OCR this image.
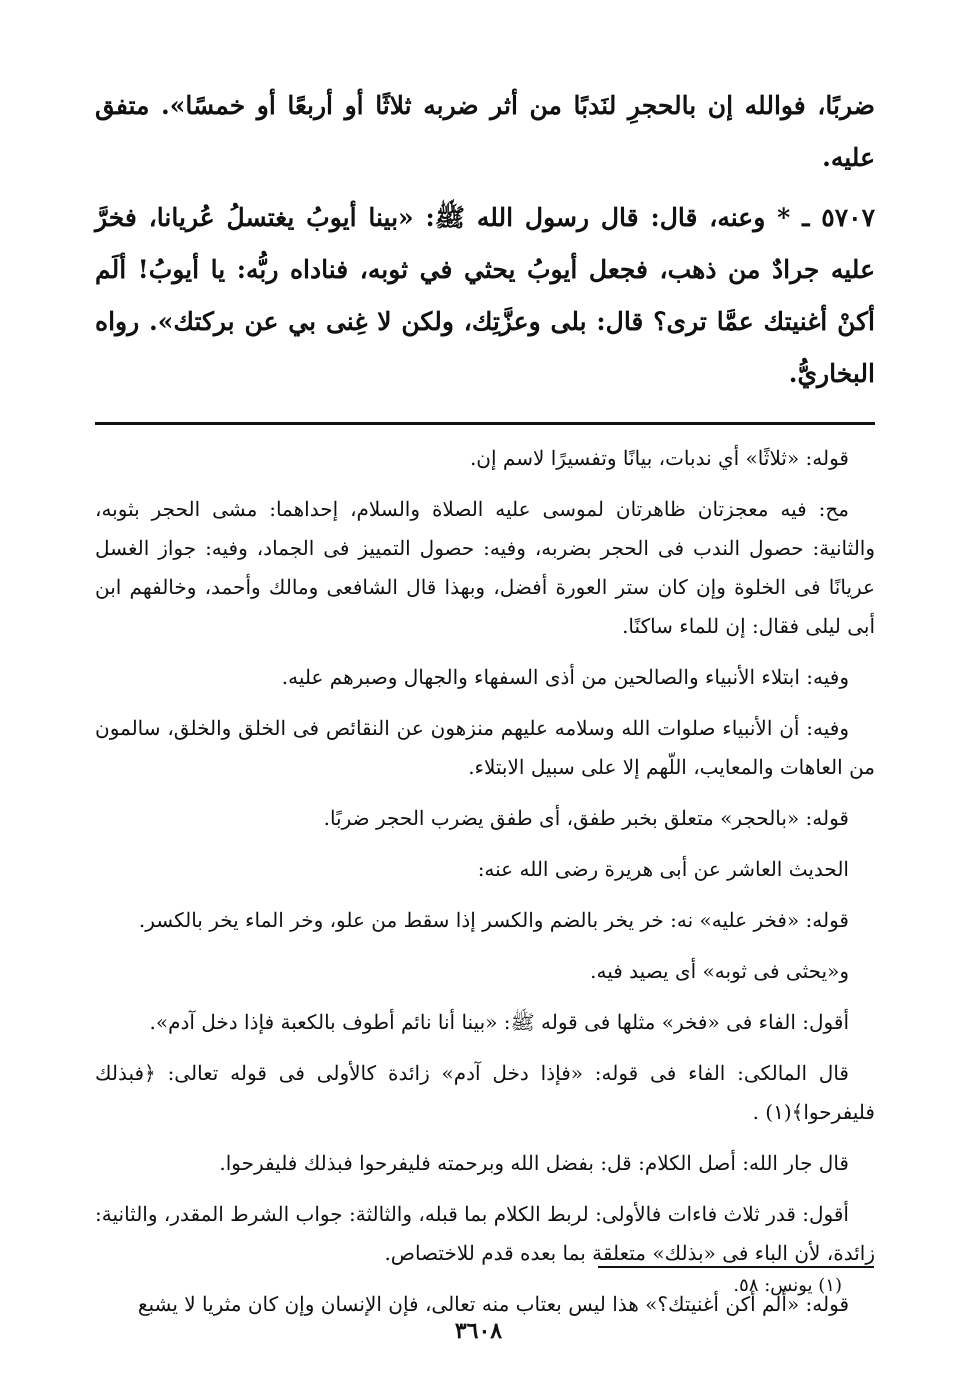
ضربًا، فوالله إن بالحجرِ لنَدبًا من أثر ضربه ثلاثًا أو أربعًا أو خمسًا». متفق عليه.

٥٧٠٧ ـ * وعنه، قال: قال رسول الله ﷺ: «بينا أيوبُ يغتسلُ عُريانا، فخرَّ عليه جرادٌ من ذهب، فجعل أيوبُ يحثي في ثوبه، فناداه ربُّه: يا أيوبُ! ألَم أكنْ أغنيتك عمَّا ترى؟ قال: بلى وعزَّتِك، ولكن لا غِنى بي عن بركتك». رواه البخاريُّ.

قوله: «ثلاثًا» أي ندبات، بيانًا وتفسيرًا لاسم إن.

مح: فيه معجزتان ظاهرتان لموسى عليه الصلاة والسلام، إحداهما: مشى الحجر بثوبه، والثانية: حصول الندب فى الحجر بضربه، وفيه: حصول التمييز فى الجماد، وفيه: جواز الغسل عريانًا فى الخلوة وإن كان ستر العورة أفضل، وبهذا قال الشافعى ومالك وأحمد، وخالفهم ابن أبى ليلى فقال: إن للماء ساكنًا.

وفيه: ابتلاء الأنبياء والصالحين من أذى السفهاء والجهال وصبرهم عليه.

وفيه: أن الأنبياء صلوات الله وسلامه عليهم منزهون عن النقائص فى الخلق والخلق، سالمون من العاهات والمعايب، اللّهم إلا على سبيل الابتلاء.

قوله: «بالحجر» متعلق بخبر طفق، أى طفق يضرب الحجر ضربًا.

الحديث العاشر عن أبى هريرة رضى الله عنه:

قوله: «فخر عليه» نه: خر يخر بالضم والكسر إذا سقط من علو، وخر الماء يخر بالكسر.

و«يحثى فى ثوبه» أى يصيد فيه.

أقول: الفاء فى «فخر» مثلها فى قوله ﷺ: «بينا أنا نائم أطوف بالكعبة فإذا دخل آدم».

قال المالكى: الفاء فى قوله: «فإذا دخل آدم» زائدة كالأولى فى قوله تعالى: ﴿فبذلك فليفرحوا﴾(١) .

قال جار الله: أصل الكلام: قل: بفضل الله وبرحمته فليفرحوا فبذلك فليفرحوا.

أقول: قدر ثلاث فاءات فالأولى: لربط الكلام بما قبله، والثالثة: جواب الشرط المقدر، والثانية: زائدة، لأن الباء فى «بذلك» متعلقة بما بعده قدم للاختصاص.

قوله: «ألم أكن أغنيتك؟» هذا ليس بعتاب منه تعالى، فإن الإنسان وإن كان مثريا لا يشبع

(١) يونس: ٥٨.
٣٦٠٨
